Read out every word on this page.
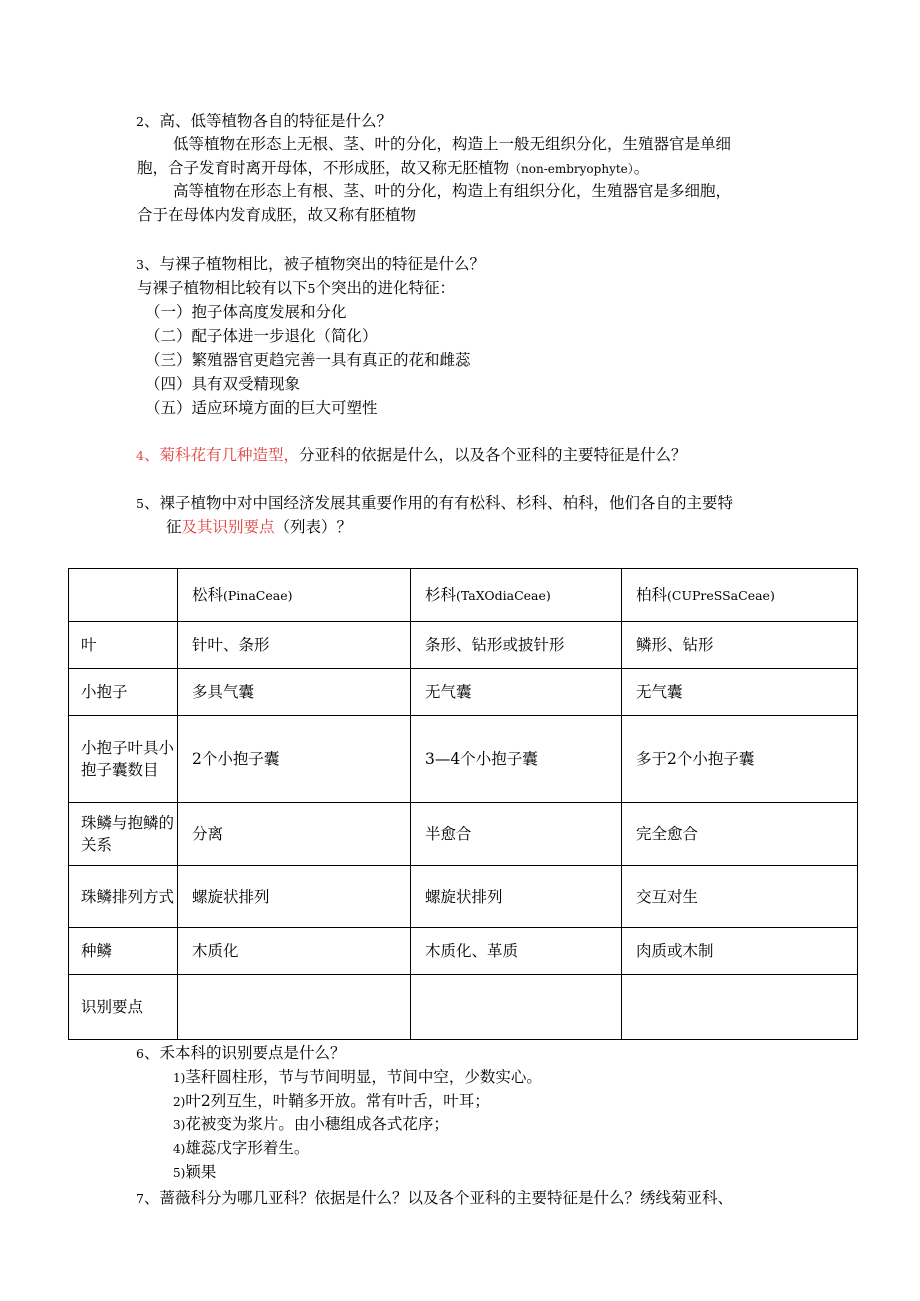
2、高、低等植物各自的特征是什么？
低等植物在形态上无根、茎、叶的分化，构造上一般无组织分化，生殖器官是单细
胞，合子发育时离开母体，不形成胚，故又称无胚植物（non-embryophyte）。
高等植物在形态上有根、茎、叶的分化，构造上有组织分化，生殖器官是多细胞，
合于在母体内发育成胚，故又称有胚植物
3、与裸子植物相比，被子植物突出的特征是什么？
与裸子植物相比较有以下5个突出的进化特征：
（一）抱子体高度发展和分化
（二）配子体进一步退化（简化）
（三）繁殖器官更趋完善一具有真正的花和雌蕊
（四）具有双受精现象
（五）适应环境方面的巨大可塑性
4、菊科花有几种造型，分亚科的依据是什么，以及各个亚科的主要特征是什么？
5、裸子植物中对中国经济发展其重要作用的有有松科、杉科、柏科，他们各自的主要特
征及其识别要点（列表）？
	松科(PinaCeae)	杉科(TaXOdiaCeae)	柏科(CUPreSSaCeae)
叶	针叶、条形	条形、钻形或披针形	鳞形、钻形
小抱子	多具气囊	无气囊	无气囊
小抱子叶具小抱子囊数目	2个小抱子囊	3—4个小抱子囊	多于2个小抱子囊
珠鳞与抱鳞的关系	分离	半愈合	完全愈合
珠鳞排列方式	螺旋状排列	螺旋状排列	交互对生
种鳞	木质化	木质化、革质	肉质或木制
识别要点			
6、禾本科的识别要点是什么？
1)茎秆圆柱形，节与节间明显，节间中空，少数实心。
2)叶2列互生，叶鞘多开放。常有叶舌，叶耳；
3)花被变为浆片。由小穗组成各式花序；
4)雄蕊戊字形着生。
5)颖果
7、蔷薇科分为哪几亚科？依据是什么？以及各个亚科的主要特征是什么？绣线菊亚科、
